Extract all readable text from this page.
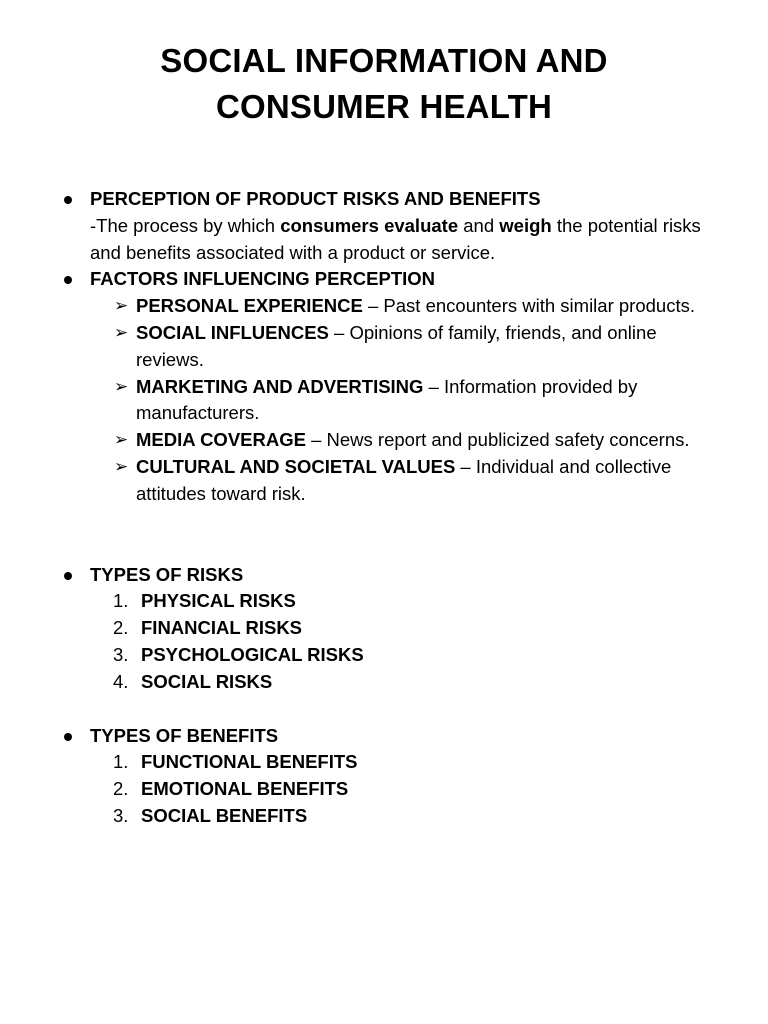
SOCIAL INFORMATION AND
CONSUMER HEALTH
PERCEPTION OF PRODUCT RISKS AND BENEFITS
-The process by which consumers evaluate and weigh the potential risks and benefits associated with a product or service.
FACTORS INFLUENCING PERCEPTION
➢ PERSONAL EXPERIENCE – Past encounters with similar products.
➢ SOCIAL INFLUENCES – Opinions of family, friends, and online reviews.
➢ MARKETING AND ADVERTISING – Information provided by manufacturers.
➢ MEDIA COVERAGE – News report and publicized safety concerns.
➢ CULTURAL AND SOCIETAL VALUES – Individual and collective attitudes toward risk.
TYPES OF RISKS
1. PHYSICAL RISKS
2. FINANCIAL RISKS
3. PSYCHOLOGICAL RISKS
4. SOCIAL RISKS
TYPES OF BENEFITS
1. FUNCTIONAL BENEFITS
2. EMOTIONAL BENEFITS
3. SOCIAL BENEFITS
